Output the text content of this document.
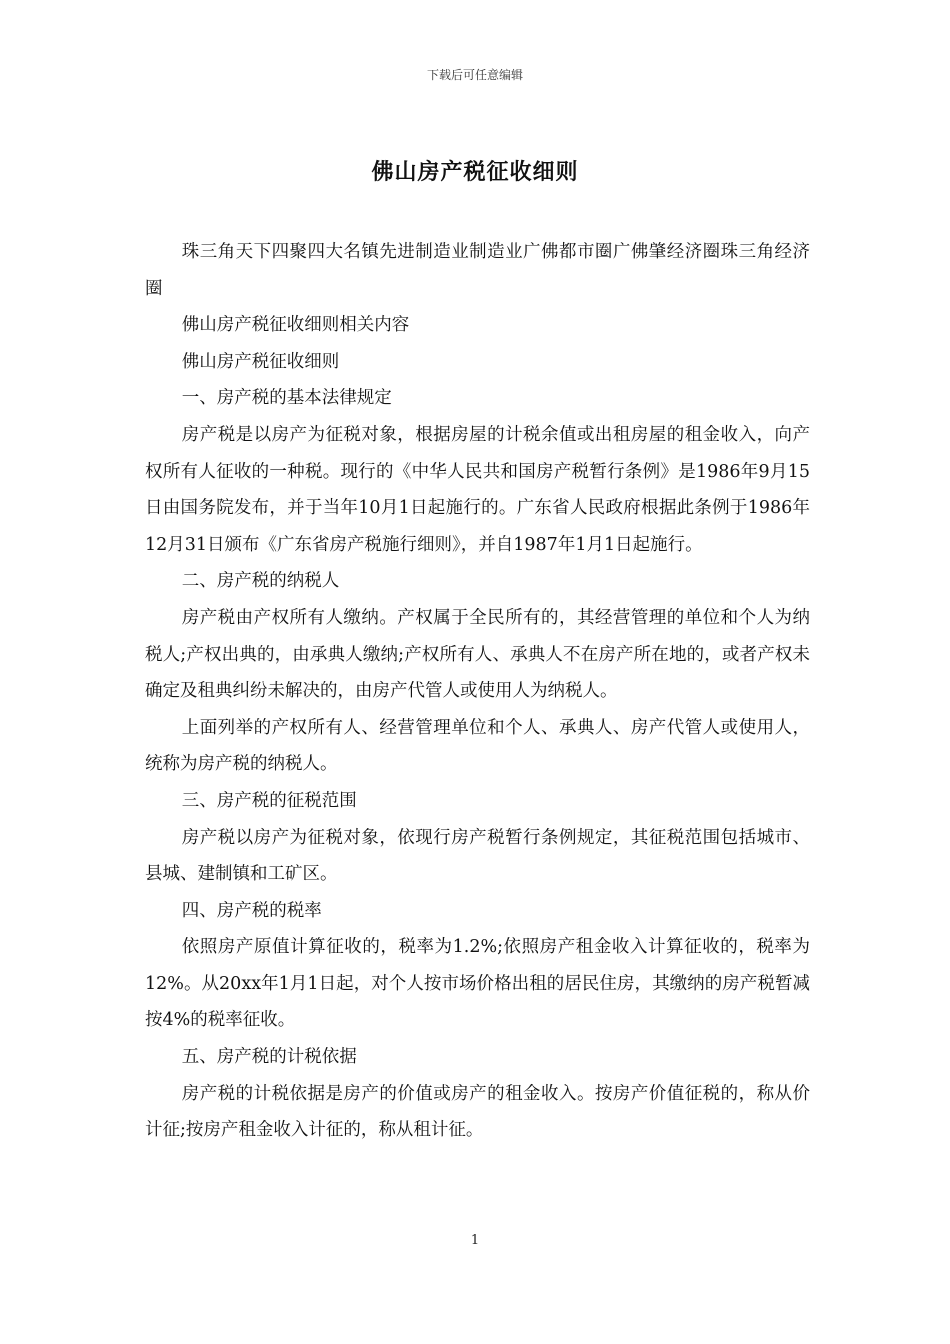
下载后可任意编辑
佛山房产税征收细则

珠三角天下四聚四大名镇先进制造业制造业广佛都市圈广佛肇经济圈珠三角经济圈

佛山房产税征收细则相关内容

佛山房产税征收细则

一、房产税的基本法律规定

房产税是以房产为征税对象，根据房屋的计税余值或出租房屋的租金收入，向产权所有人征收的一种税。现行的《中华人民共和国房产税暂行条例》是1986年9月15日由国务院发布，并于当年10月1日起施行的。广东省人民政府根据此条例于1986年12月31日颁布《广东省房产税施行细则》，并自1987年1月1日起施行。

二、房产税的纳税人

房产税由产权所有人缴纳。产权属于全民所有的，其经营管理的单位和个人为纳税人;产权出典的，由承典人缴纳;产权所有人、承典人不在房产所在地的，或者产权未确定及租典纠纷未解决的，由房产代管人或使用人为纳税人。

上面列举的产权所有人、经营管理单位和个人、承典人、房产代管人或使用人，统称为房产税的纳税人。

三、房产税的征税范围

房产税以房产为征税对象，依现行房产税暂行条例规定，其征税范围包括城市、县城、建制镇和工矿区。

四、房产税的税率

依照房产原值计算征收的，税率为1.2%;依照房产租金收入计算征收的，税率为12%。从20xx年1月1日起，对个人按市场价格出租的居民住房，其缴纳的房产税暂减按4%的税率征收。

五、房产税的计税依据

房产税的计税依据是房产的价值或房产的租金收入。按房产价值征税的，称从价计征;按房产租金收入计征的，称从租计征。

1
